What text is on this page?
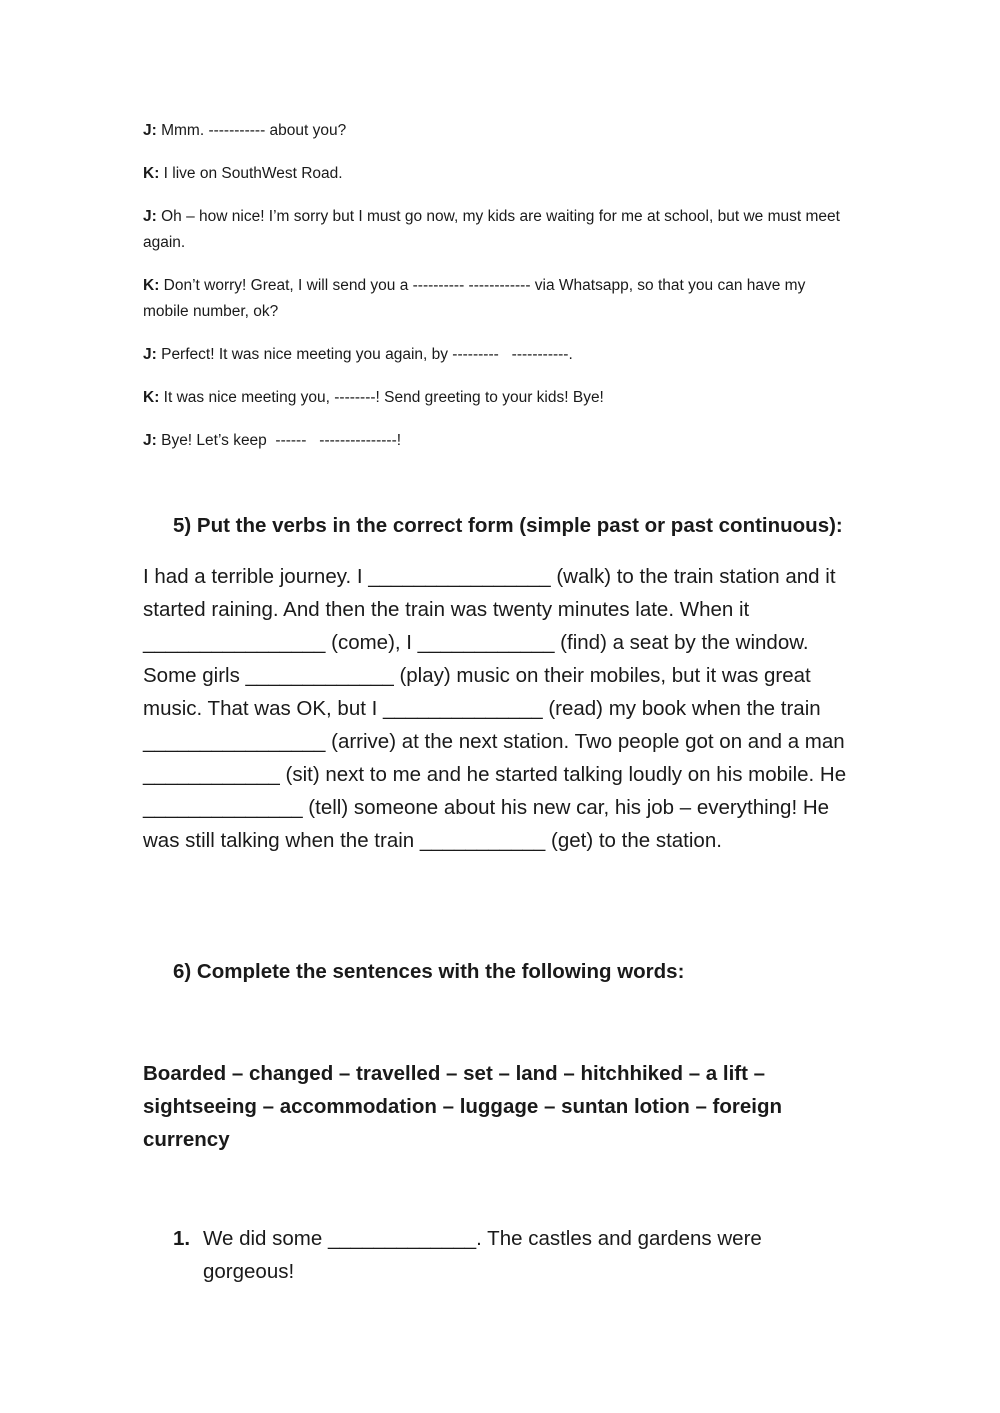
J: Mmm. ----------- about you?

K: I live on SouthWest Road.

J: Oh – how nice! I’m sorry but I must go now, my kids are waiting for me at school, but we must meet again.

K: Don’t worry! Great, I will send you a ---------- ------------ via Whatsapp, so that you can have my mobile number, ok?

J: Perfect! It was nice meeting you again, by ---------   -----------.

K: It was nice meeting you, --------! Send greeting to your kids! Bye!

J: Bye! Let’s keep  ------   ---------------!

5) Put the verbs in the correct form (simple past or past continuous):
I had a terrible journey. I ________________ (walk) to the train station and it started raining. And then the train was twenty minutes late. When it ________________ (come), I ____________ (find) a seat by the window. Some girls _____________ (play) music on their mobiles, but it was great music. That was OK, but I ______________ (read) my book when the train ________________ (arrive) at the next station. Two people got on and a man ____________ (sit) next to me and he started talking loudly on his mobile. He ______________ (tell) someone about his new car, his job – everything! He was still talking when the train ___________ (get) to the station.
6) Complete the sentences with the following words:
Boarded – changed – travelled – set – land – hitchhiked – a lift – sightseeing – accommodation – luggage – suntan lotion – foreign currency
1. We did some _____________. The castles and gardens were gorgeous!
